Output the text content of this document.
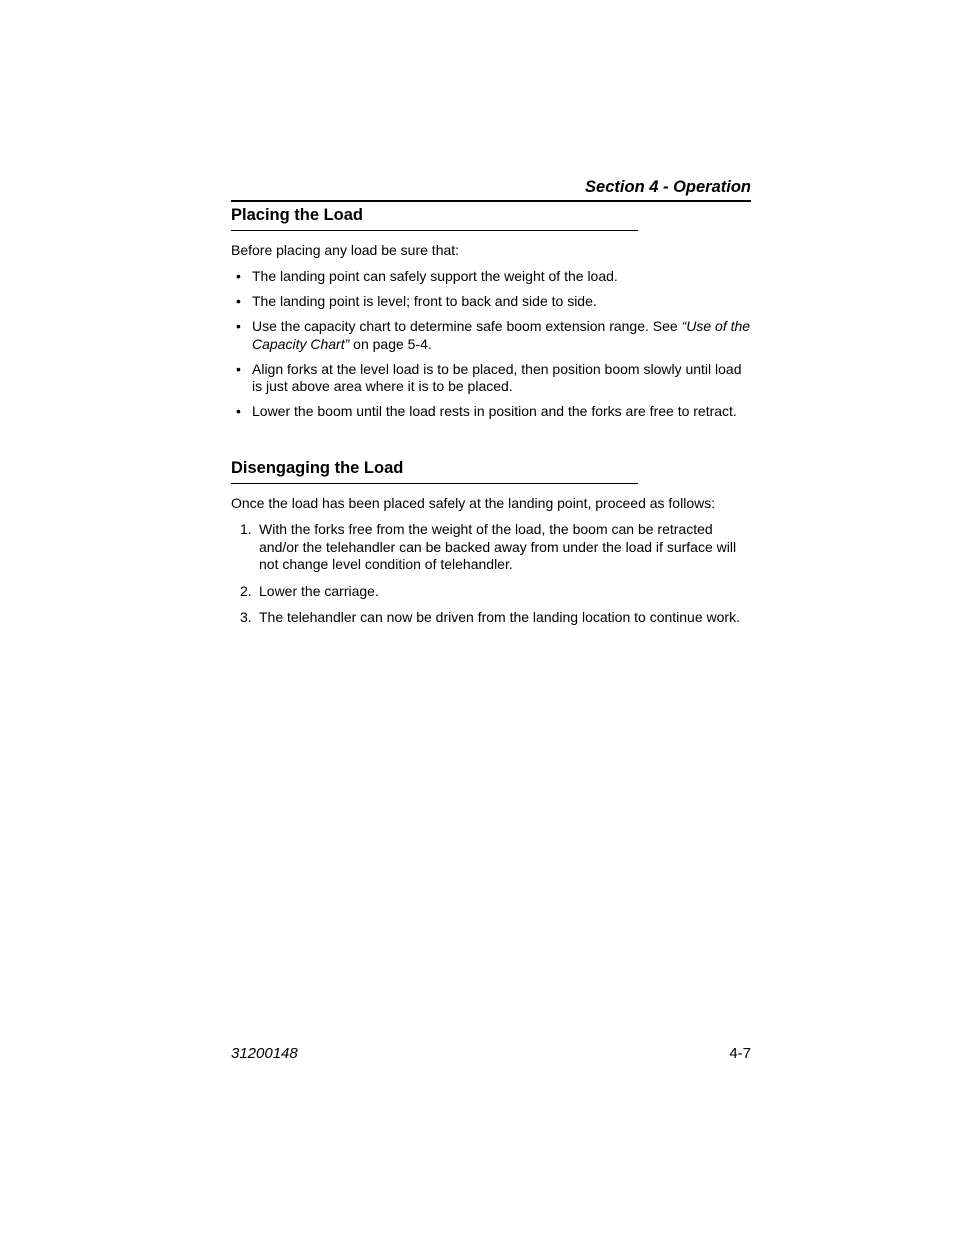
Section 4 - Operation
Placing the Load
Before placing any load be sure that:
• The landing point can safely support the weight of the load.
• The landing point is level; front to back and side to side.
• Use the capacity chart to determine safe boom extension range. See “Use of the Capacity Chart” on page 5-4.
• Align forks at the level load is to be placed, then position boom slowly until load is just above area where it is to be placed.
• Lower the boom until the load rests in position and the forks are free to retract.
Disengaging the Load
Once the load has been placed safely at the landing point, proceed as follows:
1. With the forks free from the weight of the load, the boom can be retracted and/or the telehandler can be backed away from under the load if surface will not change level condition of telehandler.
2. Lower the carriage.
3. The telehandler can now be driven from the landing location to continue work.
31200148	4-7
